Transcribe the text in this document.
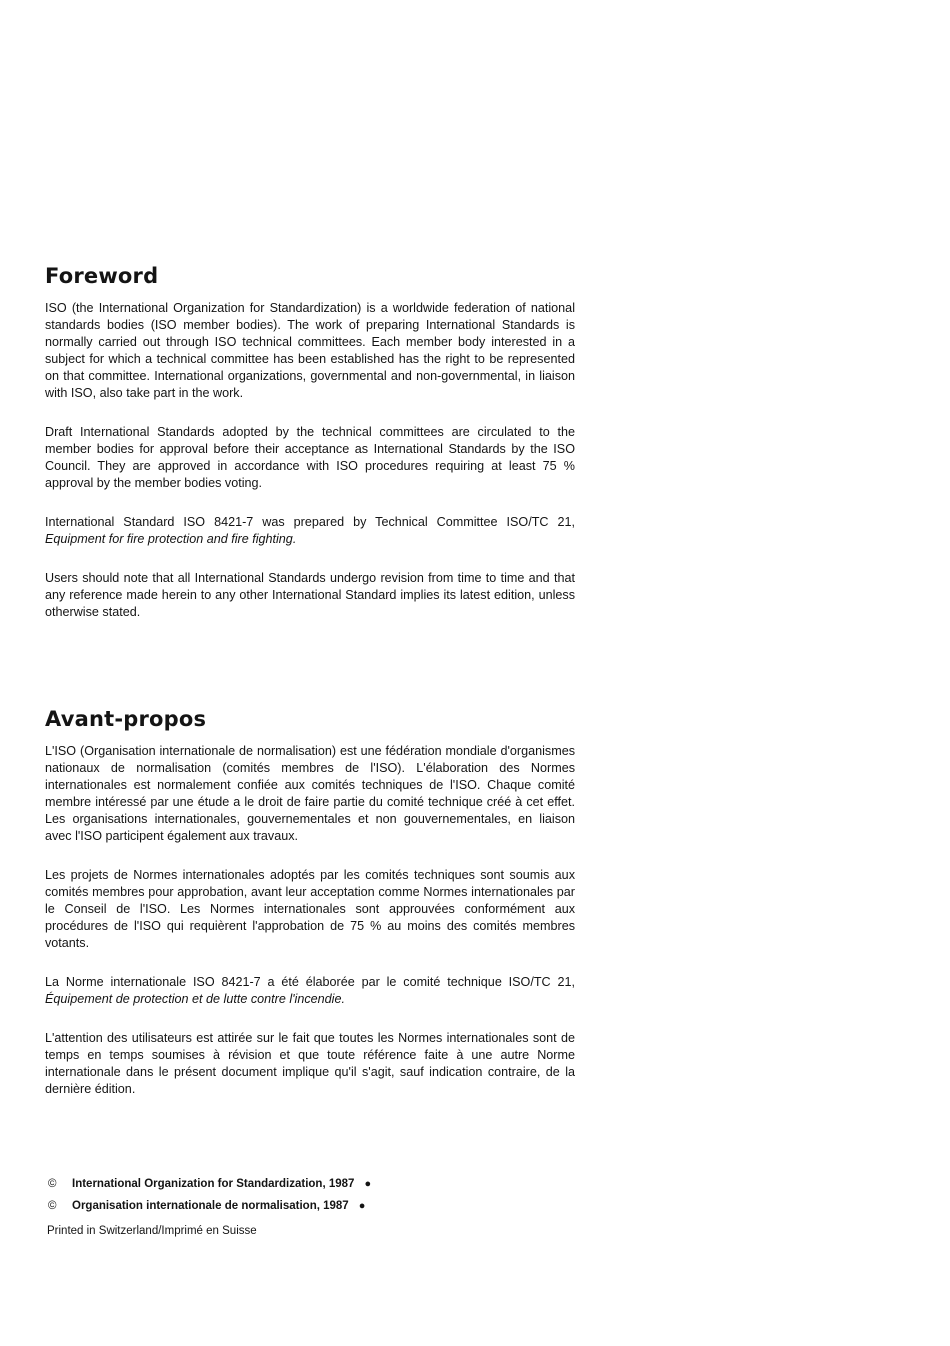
Foreword

ISO (the International Organization for Standardization) is a worldwide federation of national standards bodies (ISO member bodies). The work of preparing International Standards is normally carried out through ISO technical committees. Each member body interested in a subject for which a technical committee has been established has the right to be represented on that committee. International organizations, governmental and non-governmental, in liaison with ISO, also take part in the work.

Draft International Standards adopted by the technical committees are circulated to the member bodies for approval before their acceptance as International Standards by the ISO Council. They are approved in accordance with ISO procedures requiring at least 75 % approval by the member bodies voting.

International Standard ISO 8421-7 was prepared by Technical Committee ISO/TC 21,
Equipment for fire protection and fire fighting.

Users should note that all International Standards undergo revision from time to time and that any reference made herein to any other International Standard implies its latest edition, unless otherwise stated.

Avant-propos

L'ISO (Organisation internationale de normalisation) est une fédération mondiale d'organismes nationaux de normalisation (comités membres de l'ISO). L'élaboration des Normes internationales est normalement confiée aux comités techniques de l'ISO. Chaque comité membre intéressé par une étude a le droit de faire partie du comité technique créé à cet effet. Les organisations internationales, gouvernementales et non gouvernementales, en liaison avec l'ISO participent également aux travaux.

Les projets de Normes internationales adoptés par les comités techniques sont soumis aux comités membres pour approbation, avant leur acceptation comme Normes internationales par le Conseil de l'ISO. Les Normes internationales sont approuvées conformément aux procédures de l'ISO qui requièrent l'approbation de 75 % au moins des comités membres votants.

La Norme internationale ISO 8421-7 a été élaborée par le comité technique ISO/TC 21,
Équipement de protection et de lutte contre l'incendie.

L'attention des utilisateurs est attirée sur le fait que toutes les Normes internationales sont de temps en temps soumises à révision et que toute référence faite à une autre Norme internationale dans le présent document implique qu'il s'agit, sauf indication contraire, de la dernière édition.

©	International Organization for Standardization, 1987 ●
©	Organisation internationale de normalisation, 1987 ●
Printed in Switzerland/Imprimé en Suisse
